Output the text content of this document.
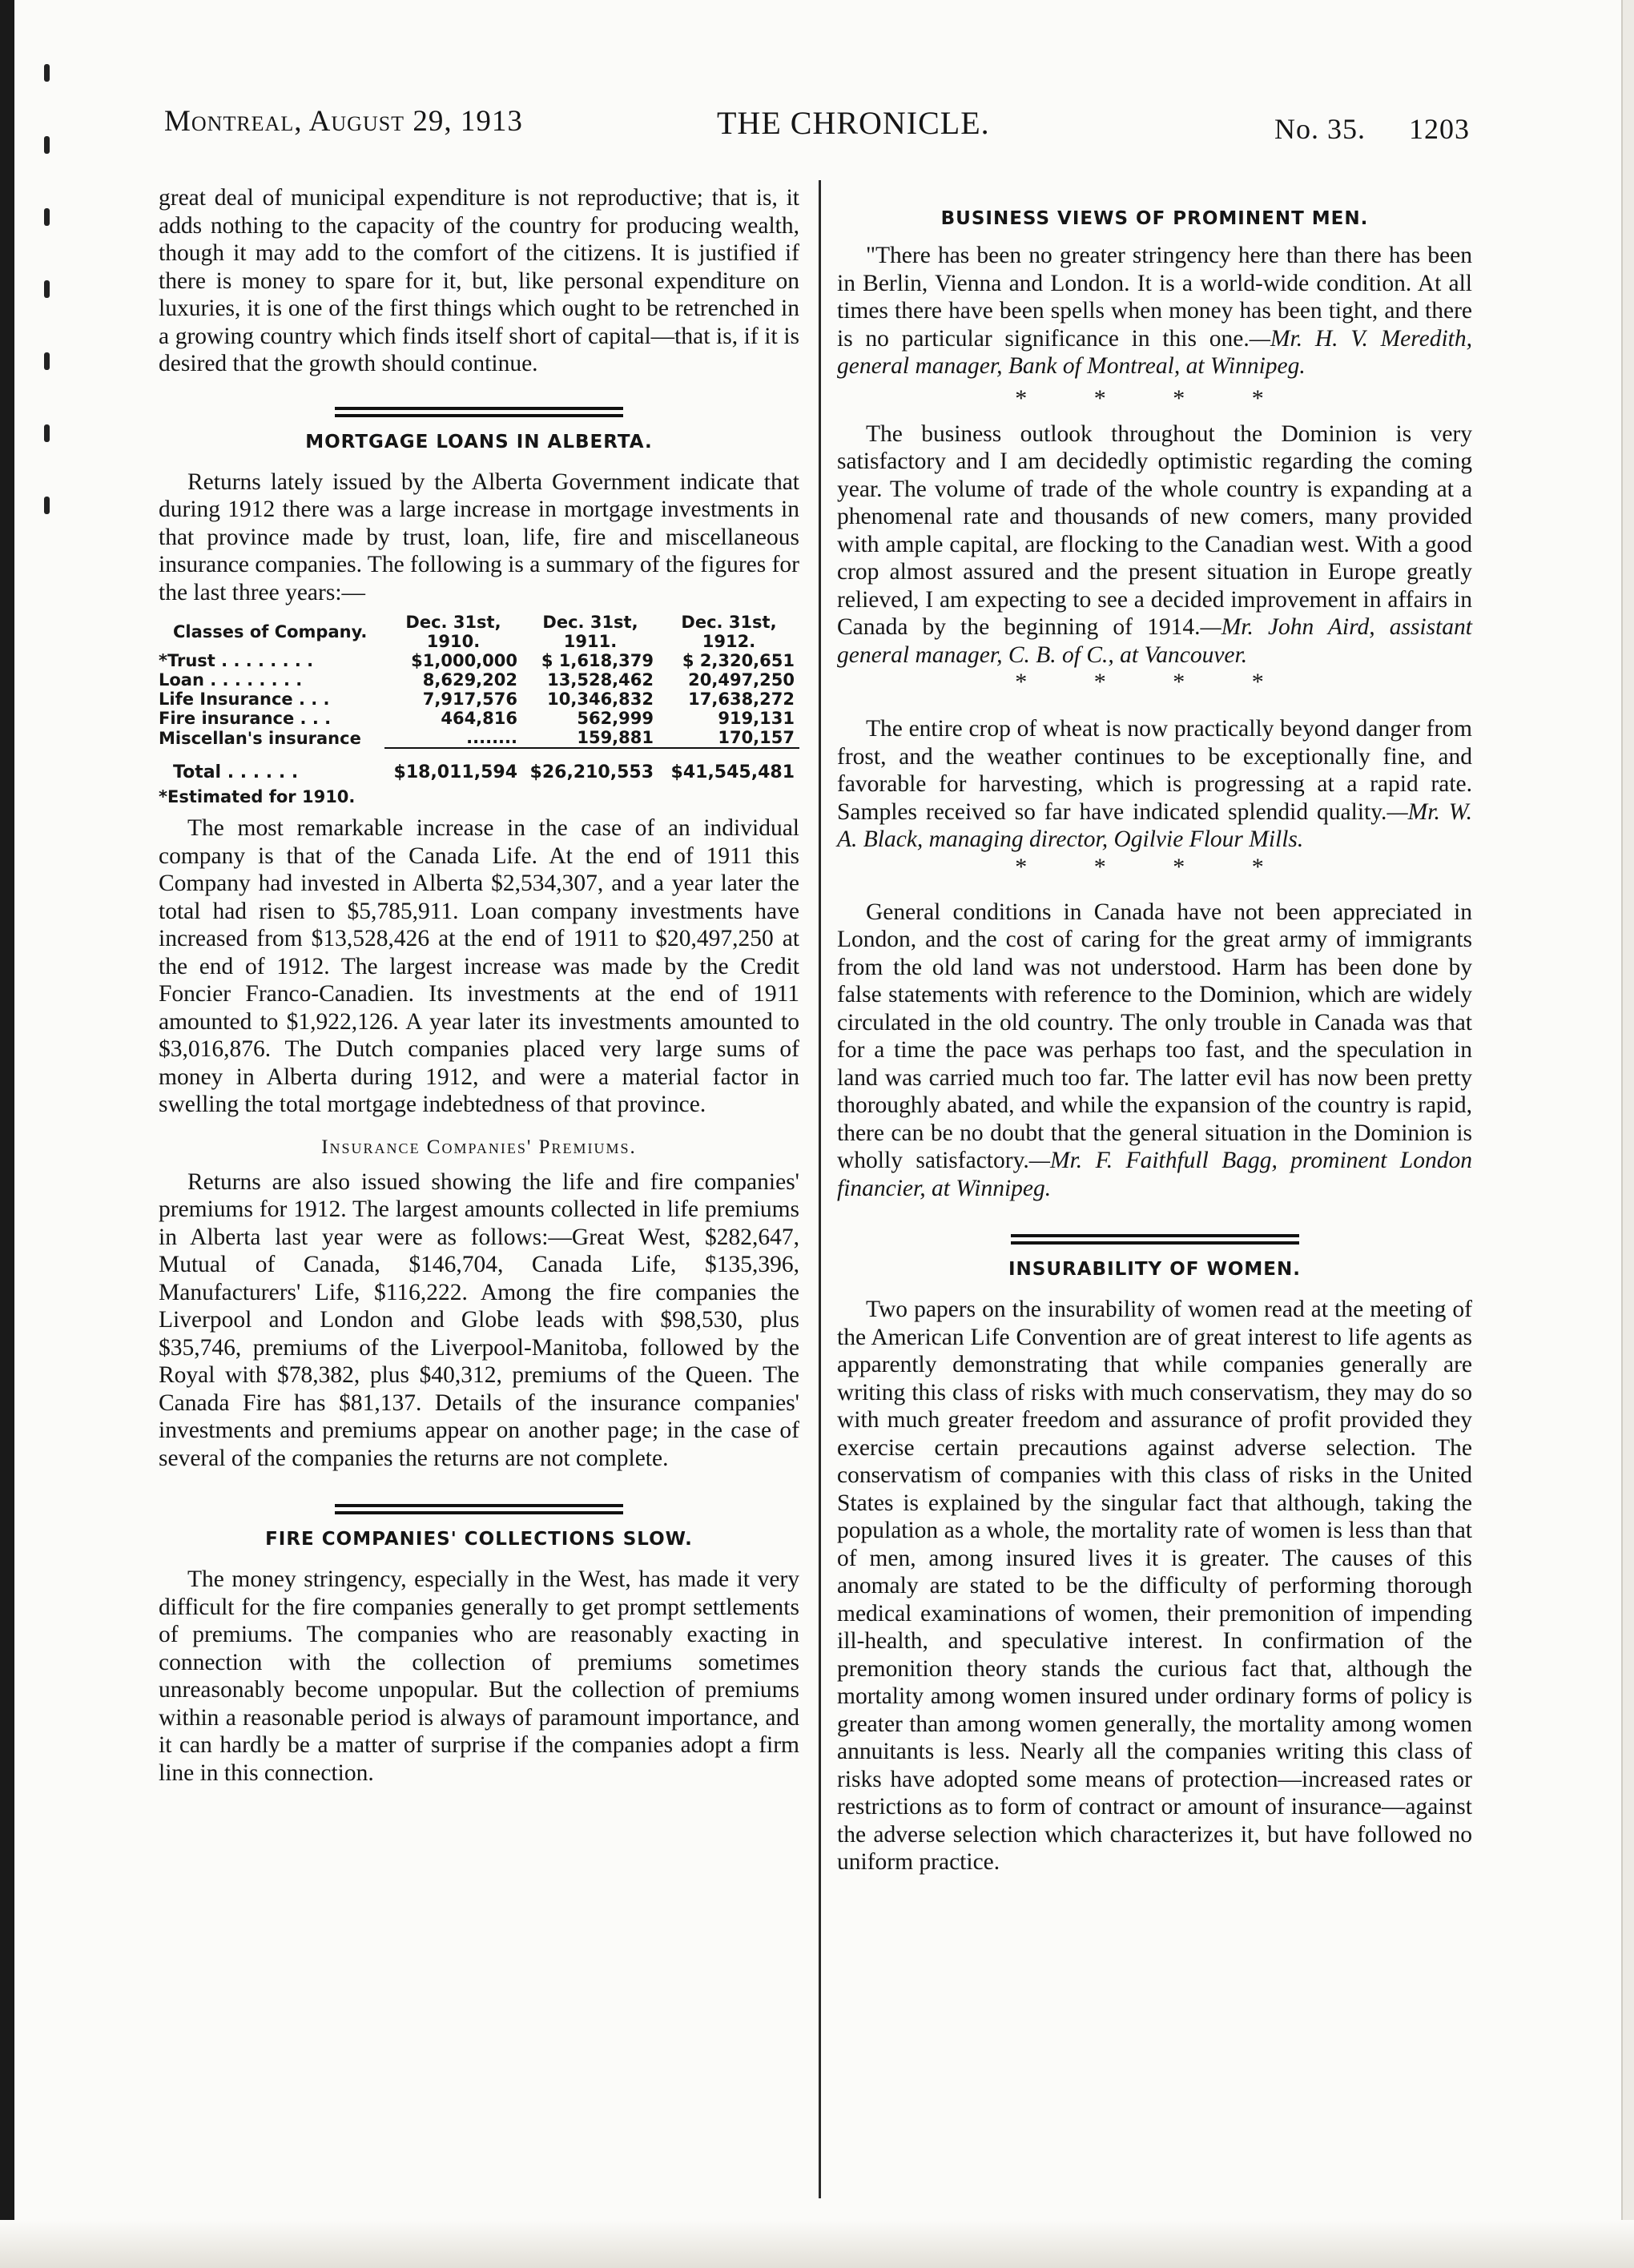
Montreal, August 29, 1913	THE CHRONICLE.	No. 35. 1203

great deal of municipal expenditure is not reproductive; that is, it adds nothing to the capacity of the country for producing wealth, though it may add to the comfort of the citizens. It is justified if there is money to spare for it, but, like personal expenditure on luxuries, it is one of the first things which ought to be retrenched in a growing country which finds itself short of capital—that is, if it is desired that the growth should continue.

MORTGAGE LOANS IN ALBERTA.

Returns lately issued by the Alberta Government indicate that during 1912 there was a large increase in mortgage investments in that province made by trust, loan, life, fire and miscellaneous insurance companies. The following is a summary of the figures for the last three years:—

Classes of Company.	Dec. 31st, 1910.	Dec. 31st, 1911.	Dec. 31st, 1912.
*Trust . . . . . . . .	$1,000,000	$ 1,618,379	$ 2,320,651
Loan . . . . . . . .	8,629,202	13,528,462	20,497,250
Life Insurance . . .	7,917,576	10,346,832	17,638,272
Fire insurance . . .	464,816	562,999	919,131
Miscellan's insurance	........	159,881	170,157
Total . . . . . .	$18,011,594	$26,210,553	$41,545,481

*Estimated for 1910.

The most remarkable increase in the case of an individual company is that of the Canada Life. At the end of 1911 this Company had invested in Alberta $2,534,307, and a year later the total had risen to $5,785,911. Loan company investments have increased from $13,528,426 at the end of 1911 to $20,497,250 at the end of 1912. The largest increase was made by the Credit Foncier Franco-Canadien. Its investments at the end of 1911 amounted to $1,922,126. A year later its investments amounted to $3,016,876. The Dutch companies placed very large sums of money in Alberta during 1912, and were a material factor in swelling the total mortgage indebtedness of that province.

Insurance Companies' Premiums.

Returns are also issued showing the life and fire companies' premiums for 1912. The largest amounts collected in life premiums in Alberta last year were as follows:—Great West, $282,647, Mutual of Canada, $146,704, Canada Life, $135,396, Manufacturers' Life, $116,222. Among the fire companies the Liverpool and London and Globe leads with $98,530, plus $35,746, premiums of the Liverpool-Manitoba, followed by the Royal with $78,382, plus $40,312, premiums of the Queen. The Canada Fire has $81,137. Details of the insurance companies' investments and premiums appear on another page; in the case of several of the companies the returns are not complete.

FIRE COMPANIES' COLLECTIONS SLOW.

The money stringency, especially in the West, has made it very difficult for the fire companies generally to get prompt settlements of premiums. The companies who are reasonably exacting in connection with the collection of premiums sometimes unreasonably become unpopular. But the collection of premiums within a reasonable period is always of paramount importance, and it can hardly be a matter of surprise if the companies adopt a firm line in this connection.

BUSINESS VIEWS OF PROMINENT MEN.

"There has been no greater stringency here than there has been in Berlin, Vienna and London. It is a world-wide condition. At all times there have been spells when money has been tight, and there is no particular significance in this one.—Mr. H. V. Meredith, general manager, Bank of Montreal, at Winnipeg.

* * * *

The business outlook throughout the Dominion is very satisfactory and I am decidedly optimistic regarding the coming year. The volume of trade of the whole country is expanding at a phenomenal rate and thousands of new comers, many provided with ample capital, are flocking to the Canadian west. With a good crop almost assured and the present situation in Europe greatly relieved, I am expecting to see a decided improvement in affairs in Canada by the beginning of 1914.—Mr. John Aird, assistant general manager, C. B. of C., at Vancouver.

* * * *

The entire crop of wheat is now practically beyond danger from frost, and the weather continues to be exceptionally fine, and favorable for harvesting, which is progressing at a rapid rate. Samples received so far have indicated splendid quality.—Mr. W. A. Black, managing director, Ogilvie Flour Mills.

* * * *

General conditions in Canada have not been appreciated in London, and the cost of caring for the great army of immigrants from the old land was not understood. Harm has been done by false statements with reference to the Dominion, which are widely circulated in the old country. The only trouble in Canada was that for a time the pace was perhaps too fast, and the speculation in land was carried much too far. The latter evil has now been pretty thoroughly abated, and while the expansion of the country is rapid, there can be no doubt that the general situation in the Dominion is wholly satisfactory.—Mr. F. Faithfull Bagg, prominent London financier, at Winnipeg.

INSURABILITY OF WOMEN.

Two papers on the insurability of women read at the meeting of the American Life Convention are of great interest to life agents as apparently demonstrating that while companies generally are writing this class of risks with much conservatism, they may do so with much greater freedom and assurance of profit provided they exercise certain precautions against adverse selection. The conservatism of companies with this class of risks in the United States is explained by the singular fact that although, taking the population as a whole, the mortality rate of women is less than that of men, among insured lives it is greater. The causes of this anomaly are stated to be the difficulty of performing thorough medical examinations of women, their premonition of impending ill-health, and speculative interest. In confirmation of the premonition theory stands the curious fact that, although the mortality among women insured under ordinary forms of policy is greater than among women generally, the mortality among women annuitants is less. Nearly all the companies writing this class of risks have adopted some means of protection—increased rates or restrictions as to form of contract or amount of insurance—against the adverse selection which characterizes it, but have followed no uniform practice.
